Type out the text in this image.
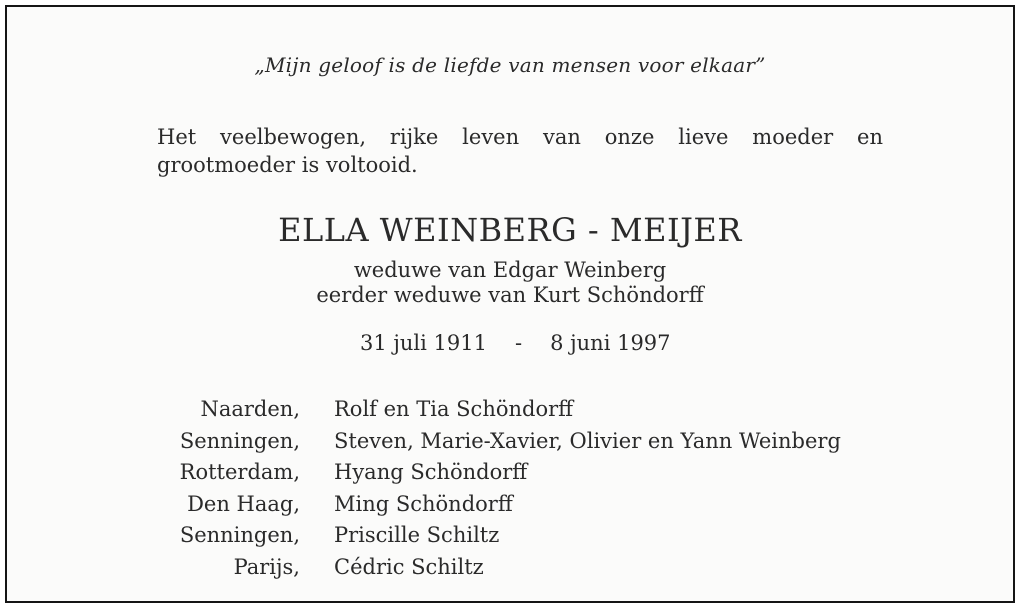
„Mijn geloof is de liefde van mensen voor elkaar”
Het veelbewogen, rijke leven van onze lieve moeder en
grootmoeder is voltooid.
ELLA WEINBERG - MEIJER
weduwe van Edgar Weinberg
eerder weduwe van Kurt Schöndorff
31 juli 1911 - 8 juni 1997
Naarden, Rolf en Tia Schöndorff
Senningen, Steven, Marie-Xavier, Olivier en Yann Weinberg
Rotterdam, Hyang Schöndorff
Den Haag, Ming Schöndorff
Senningen, Priscille Schiltz
Parijs, Cédric Schiltz
